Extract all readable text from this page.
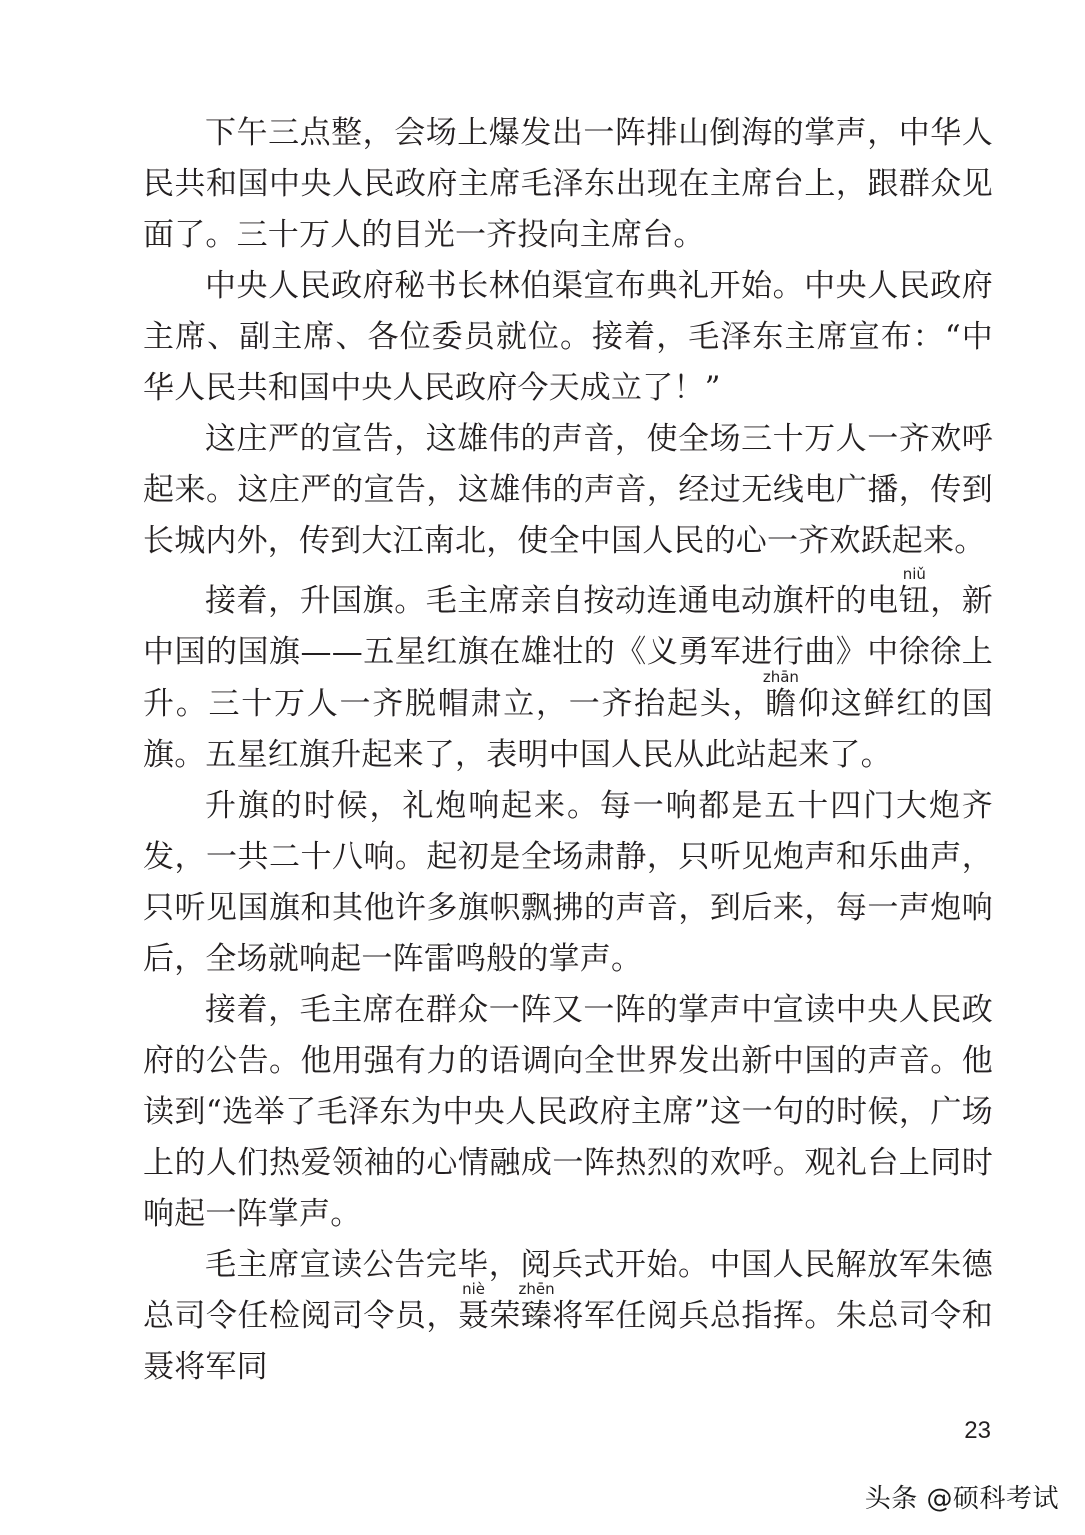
下午三点整，会场上爆发出一阵排山倒海的掌声，中华人民共和国中央人民政府主席毛泽东出现在主席台上，跟群众见面了。三十万人的目光一齐投向主席台。

中央人民政府秘书长林伯渠宣布典礼开始。中央人民政府主席、副主席、各位委员就位。接着，毛泽东主席宣布：“中华人民共和国中央人民政府今天成立了！”

这庄严的宣告，这雄伟的声音，使全场三十万人一齐欢呼起来。这庄严的宣告，这雄伟的声音，经过无线电广播，传到长城内外，传到大江南北，使全中国人民的心一齐欢跃起来。

接着，升国旗。毛主席亲自按动连通电动旗杆的电钮niǔ，新中国的国旗——五星红旗在雄壮的《义勇军进行曲》中徐徐上升。三十万人一齐脱帽肃立，一齐抬起头，瞻zhān仰这鲜红的国旗。五星红旗升起来了，表明中国人民从此站起来了。

升旗的时候，礼炮响起来。每一响都是五十四门大炮齐发，一共二十八响。起初是全场肃静，只听见炮声和乐曲声，只听见国旗和其他许多旗帜飘拂的声音，到后来，每一声炮响后，全场就响起一阵雷鸣般的掌声。

接着，毛主席在群众一阵又一阵的掌声中宣读中央人民政府的公告。他用强有力的语调向全世界发出新中国的声音。他读到“选举了毛泽东为中央人民政府主席”这一句的时候，广场上的人们热爱领袖的心情融成一阵热烈的欢呼。观礼台上同时响起一阵掌声。

毛主席宣读公告完毕，阅兵式开始。中国人民解放军朱德总司令任检阅司令员，聂niè荣臻zhēn将军任阅兵总指挥。朱总司令和聂将军同

23
头条 @硕科考试
